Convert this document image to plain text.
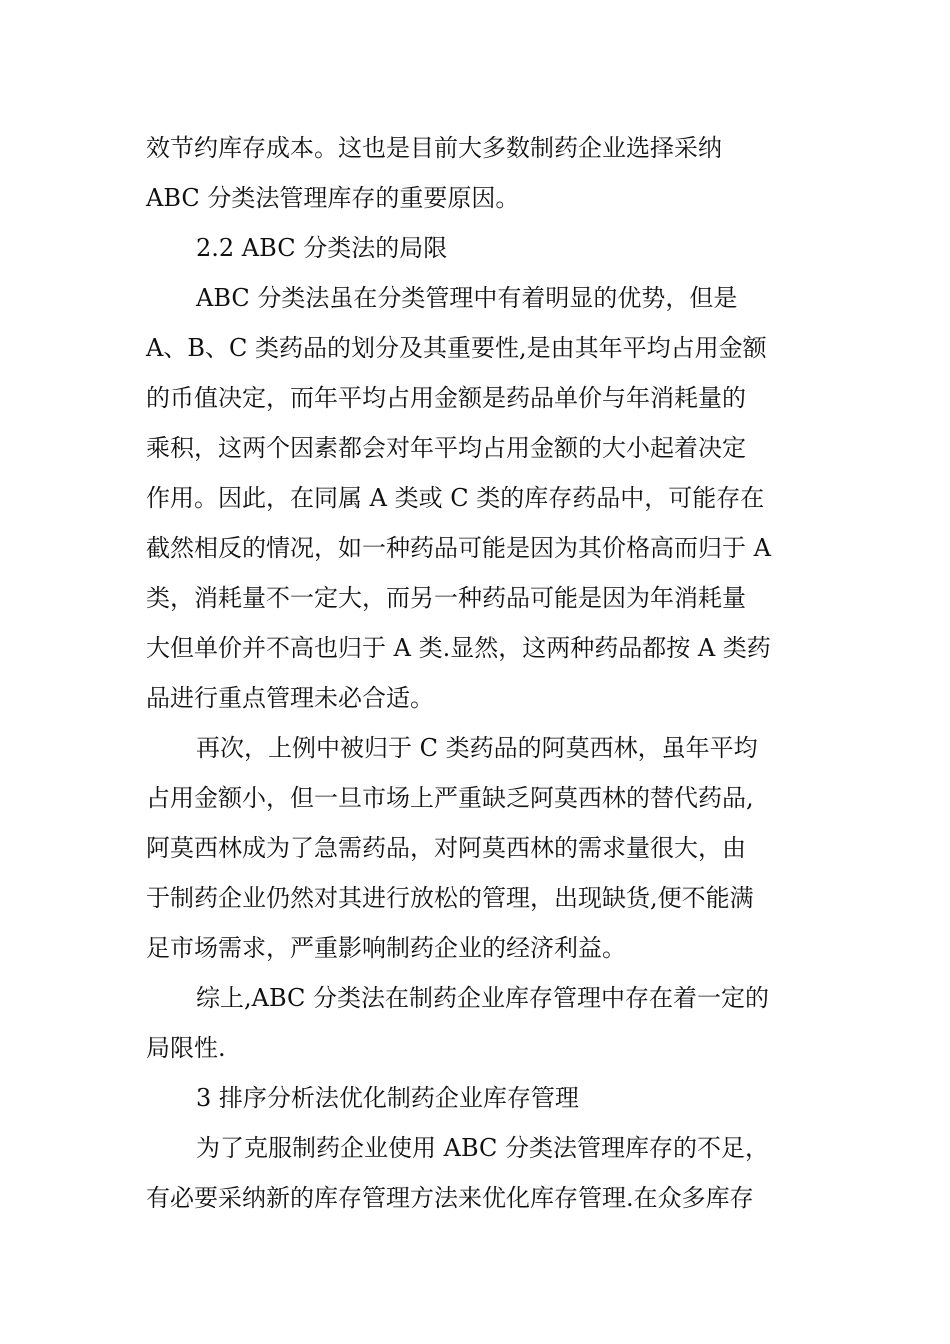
效节约库存成本。这也是目前大多数制药企业选择采纳
ABC 分类法管理库存的重要原因。
2.2 ABC 分类法的局限
ABC 分类法虽在分类管理中有着明显的优势，但是
A、B、C 类药品的划分及其重要性,是由其年平均占用金额
的币值决定，而年平均占用金额是药品单价与年消耗量的
乘积，这两个因素都会对年平均占用金额的大小起着决定
作用。因此，在同属 A 类或 C 类的库存药品中，可能存在
截然相反的情况，如一种药品可能是因为其价格高而归于 A
类，消耗量不一定大，而另一种药品可能是因为年消耗量
大但单价并不高也归于 A 类.显然，这两种药品都按 A 类药
品进行重点管理未必合适。
再次，上例中被归于 C 类药品的阿莫西林，虽年平均
占用金额小，但一旦市场上严重缺乏阿莫西林的替代药品,
阿莫西林成为了急需药品，对阿莫西林的需求量很大，由
于制药企业仍然对其进行放松的管理，出现缺货,便不能满
足市场需求，严重影响制药企业的经济利益。
综上,ABC 分类法在制药企业库存管理中存在着一定的
局限性.
3 排序分析法优化制药企业库存管理
为了克服制药企业使用 ABC 分类法管理库存的不足，
有必要采纳新的库存管理方法来优化库存管理.在众多库存
